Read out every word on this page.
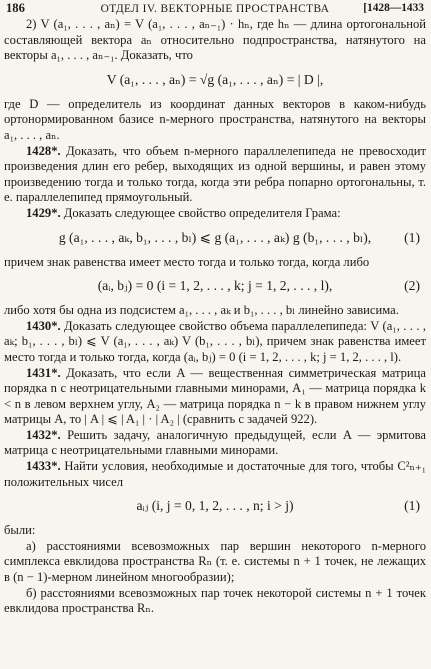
186	ОТДЕЛ IV. ВЕКТОРНЫЕ ПРОСТРАНСТВА	[1428—1433

2) V (a₁, . . . , aₙ) = V (a₁, . . . , aₙ₋₁) · hₙ, где hₙ — длина ортогональной составляющей вектора aₙ относительно подпространства, натянутого на векторы a₁, . . . , aₙ₋₁. Доказать, что

V (a₁, . . . , aₙ) = √g (a₁, . . . , aₙ) = | D |,

где D — определитель из координат данных векторов в каком-нибудь ортонормированном базисе n-мерного пространства, натянутого на векторы a₁, . . . , aₙ.

1428*. Доказать, что объем n-мерного параллелепипеда не превосходит произведения длин его ребер, выходящих из одной вершины, и равен этому произведению тогда и только тогда, когда эти ребра попарно ортогональны, т. е. параллелепипед прямоугольный.

1429*. Доказать следующее свойство определителя Грама:

g (a₁, . . . , aₖ, b₁, . . . , bₗ) ⩽ g (a₁, . . . , aₖ) g (b₁, . . . , bₗ),	(1)

причем знак равенства имеет место тогда и только тогда, когда либо

(aᵢ, bⱼ) = 0 (i = 1, 2, . . . , k; j = 1, 2, . . . , l),	(2)

либо хотя бы одна из подсистем a₁, . . . , aₖ и b₁, . . . , bₗ линейно зависима.

1430*. Доказать следующее свойство объема параллелепипеда: V (a₁, . . . , aₖ; b₁, . . . , bₗ) ⩽ V (a₁, . . . , aₖ) V (b₁, . . . , bₗ), причем знак равенства имеет место тогда и только тогда, когда (aᵢ, bⱼ) = 0 (i = 1, 2, . . . , k; j = 1, 2, . . . , l).

1431*. Доказать, что если A — вещественная симметрическая матрица порядка n с неотрицательными главными минорами, A₁ — матрица порядка k < n в левом верхнем углу, A₂ — матрица порядка n − k в правом нижнем углу матрицы A, то | A | ⩽ | A₁ | · | A₂ | (сравнить с задачей 922).

1432*. Решить задачу, аналогичную предыдущей, если A — эрмитова матрица с неотрицательными главными минорами.

1433*. Найти условия, необходимые и достаточные для того, чтобы C²ₙ₊₁ положительных чисел

aᵢⱼ (i, j = 0, 1, 2, . . . , n; i > j)	(1)

были:

а) расстояниями всевозможных пар вершин некоторого n-мерного симплекса евклидова пространства Rₙ (т. е. системы n + 1 точек, не лежащих в (n − 1)-мерном линейном многообразии);

б) расстояниями всевозможных пар точек некоторой системы n + 1 точек евклидова пространства Rₙ.
